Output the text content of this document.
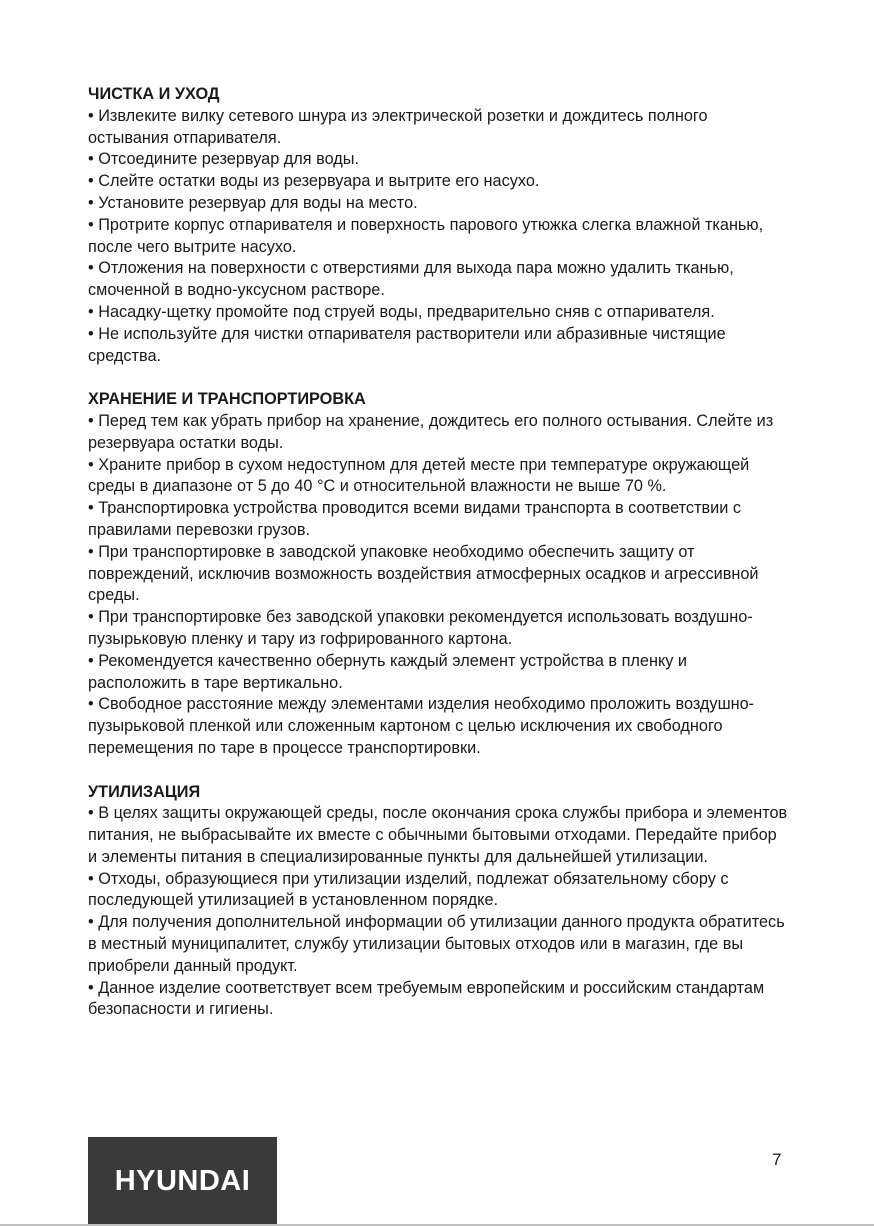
ЧИСТКА И УХОД

• Извлеките вилку сетевого шнура из электрической розетки и дождитесь полного остывания отпаривателя.

• Отсоедините резервуар для воды.

• Слейте остатки воды из резервуара и вытрите его насухо.

• Установите резервуар для воды на место.

• Протрите корпус отпаривателя и поверхность парового утюжка слегка влажной тканью, после чего вытрите насухо.

• Отложения на поверхности с отверстиями для выхода пара можно удалить тканью, смоченной в водно-уксусном растворе.

• Насадку-щетку промойте под струей воды, предварительно сняв с отпаривателя.

• Не используйте для чистки отпаривателя растворители или абразивные чистящие средства.

ХРАНЕНИЕ И ТРАНСПОРТИРОВКА

• Перед тем как убрать прибор на хранение, дождитесь его полного остывания. Слейте из резервуара остатки воды.

• Храните прибор в сухом недоступном для детей месте при температуре окружающей среды в диапазоне от 5 до 40 °С и относительной влажности не выше 70 %.

• Транспортировка устройства проводится всеми видами транспорта в соответствии с правилами перевозки грузов.

• При транспортировке в заводской упаковке необходимо обеспечить защиту от повреждений, исключив возможность воздействия атмосферных осадков и агрессивной среды.

• При транспортировке без заводской упаковки рекомендуется использовать воздушно-пузырьковую пленку и тару из гофрированного картона.

• Рекомендуется качественно обернуть каждый элемент устройства в пленку и расположить в таре вертикально.

• Свободное расстояние между элементами изделия необходимо проложить воздушно-пузырьковой пленкой или сложенным картоном с целью исключения их свободного перемещения по таре в процессе транспортировки.

УТИЛИЗАЦИЯ

• В целях защиты окружающей среды, после окончания срока службы прибора и элементов питания, не выбрасывайте их вместе с обычными бытовыми отходами. Передайте прибор и элементы питания в специализированные пункты для дальнейшей утилизации.

• Отходы, образующиеся при утилизации изделий, подлежат обязательному сбору с последующей утилизацией в установленном порядке.

• Для получения дополнительной информации об утилизации данного продукта обратитесь в местный муниципалитет, службу утилизации бытовых отходов или в магазин, где вы приобрели данный продукт.

• Данное изделие соответствует всем требуемым европейским и российским стандартам безопасности и гигиены.

HYUNDAI
7
